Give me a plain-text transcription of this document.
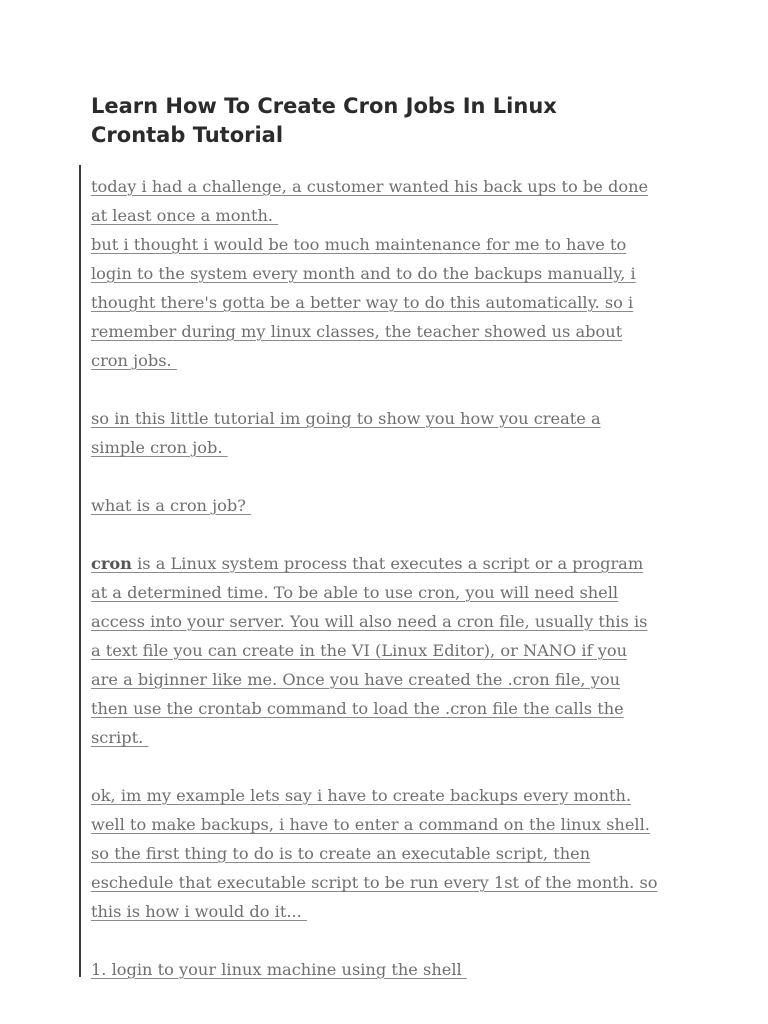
Learn How To Create Cron Jobs In Linux
Crontab Tutorial
today i had a challenge, a customer wanted his back ups to be done
at least once a month.
but i thought i would be too much maintenance for me to have to
login to the system every month and to do the backups manually, i
thought there's gotta be a better way to do this automatically. so i
remember during my linux classes, the teacher showed us about
cron jobs.
so in this little tutorial im going to show you how you create a
simple cron job.
what is a cron job?
cron is a Linux system process that executes a script or a program
at a determined time. To be able to use cron, you will need shell
access into your server. You will also need a cron file, usually this is
a text file you can create in the VI (Linux Editor), or NANO if you
are a biginner like me. Once you have created the .cron file, you
then use the crontab command to load the .cron file the calls the
script.
ok, im my example lets say i have to create backups every month.
well to make backups, i have to enter a command on the linux shell.
so the first thing to do is to create an executable script, then
eschedule that executable script to be run every 1st of the month. so
this is how i would do it...
1. login to your linux machine using the shell
